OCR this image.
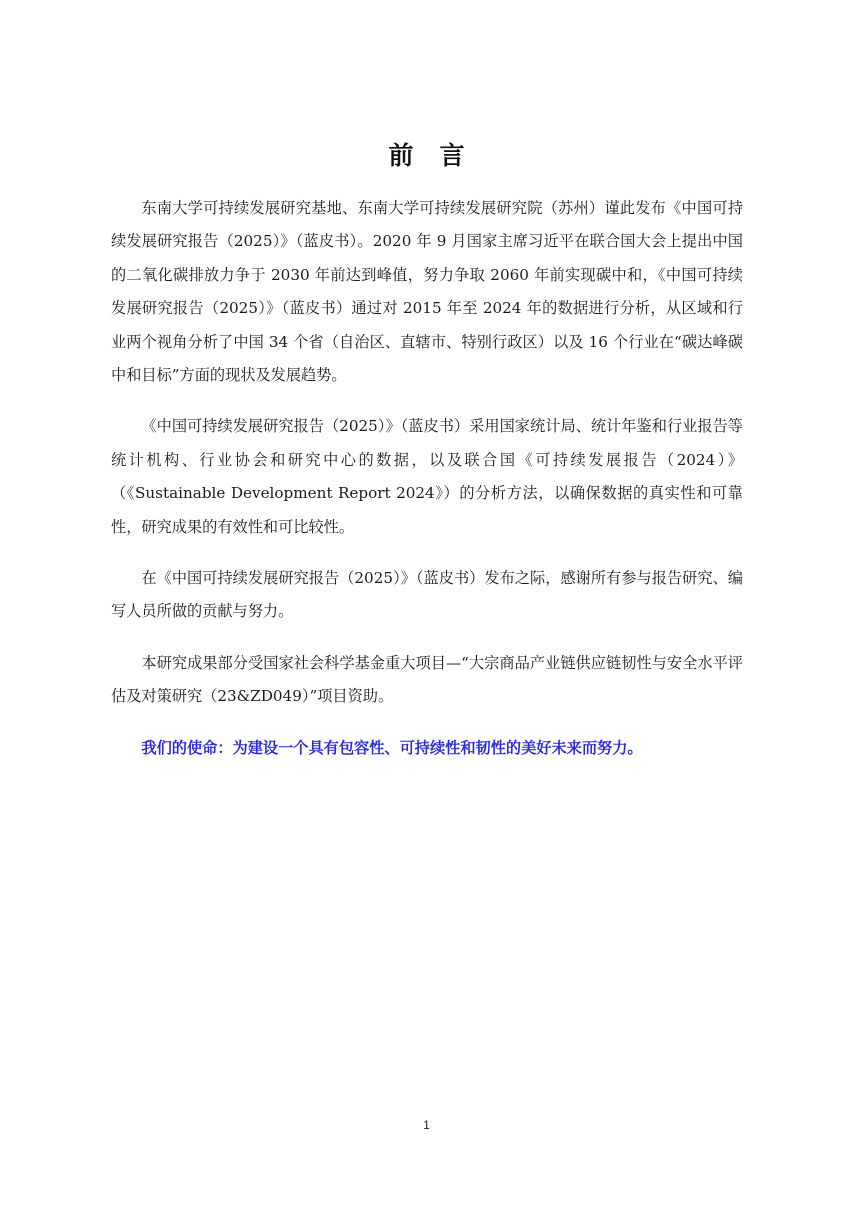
前言

东南大学可持续发展研究基地、东南大学可持续发展研究院（苏州）谨此发布《中国可持续发展研究报告（2025）》（蓝皮书）。2020 年 9 月国家主席习近平在联合国大会上提出中国的二氧化碳排放力争于 2030 年前达到峰值，努力争取 2060 年前实现碳中和，《中国可持续发展研究报告（2025）》（蓝皮书）通过对 2015 年至 2024 年的数据进行分析，从区域和行业两个视角分析了中国 34 个省（自治区、直辖市、特别行政区）以及 16 个行业在“碳达峰碳中和目标”方面的现状及发展趋势。

《中国可持续发展研究报告（2025）》（蓝皮书）采用国家统计局、统计年鉴和行业报告等统计机构、行业协会和研究中心的数据，以及联合国《可持续发展报告（2024）》（《Sustainable Development Report 2024》）的分析方法，以确保数据的真实性和可靠性，研究成果的有效性和可比较性。

在《中国可持续发展研究报告（2025）》（蓝皮书）发布之际，感谢所有参与报告研究、编写人员所做的贡献与努力。

本研究成果部分受国家社会科学基金重大项目—“大宗商品产业链供应链韧性与安全水平评估及对策研究（23&ZD049）”项目资助。

我们的使命：为建设一个具有包容性、可持续性和韧性的美好未来而努力。

1
